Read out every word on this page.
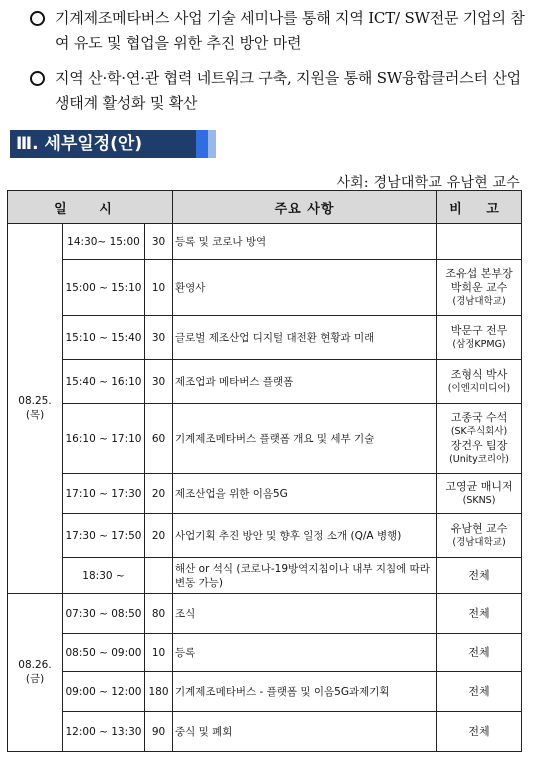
기계제조메타버스 사업 기술 세미나를 통해 지역 ICT/ SW전문 기업의 참여 유도 및 협업을 위한 추진 방안 마련
지역 산·학·연·관 협력 네트워크 구축, 지원을 통해 SW융합클러스터 산업 생태계 활성화 및 확산
Ⅲ. 세부일정(안)
사회: 경남대학교 유남현 교수
일 시			주요 사항	비 고
08.25.(목)	14:30~ 15:00	30	등록 및 코로나 방역	
	15:00 ~ 15:10	10	환영사	조유섭 본부장
박희운 교수
(경남대학교)

	15:10 ~ 15:40	30	글로벌 제조산업 디지털 대전환 현황과 미래	박문구 전무
(삼정KPMG)

	15:40 ~ 16:10	30	제조업과 메타버스 플랫폼	조형식 박사
(이엔지미디어)

	16:10 ~ 17:10	60	기계제조메타버스 플랫폼 개요 및 세부 기술	고종국 수석
(SK주식회사)
장건우 팀장
(Unity코리아)

	17:10 ~ 17:30	20	제조산업을 위한 이음5G	고영균 매니저
(SKNS)

	17:30 ~ 17:50	20	사업기획 추진 방안 및 향후 일정 소개 (Q/A 병행)	유남현 교수
(경남대학교)

	18:30 ~		해산 or 석식 (코로나-19방역지침이나 내부 지침에 따라 변동 가능)	전체

08.26.(금)	07:30 ~ 08:50	80	조식	전체

	08:50 ~ 09:00	10	등록	전체

	09:00 ~ 12:00	180	기계제조메타버스 - 플랫폼 및 이음5G과제기획	전체

	12:00 ~ 13:30	90	중식 및 폐회	전체
